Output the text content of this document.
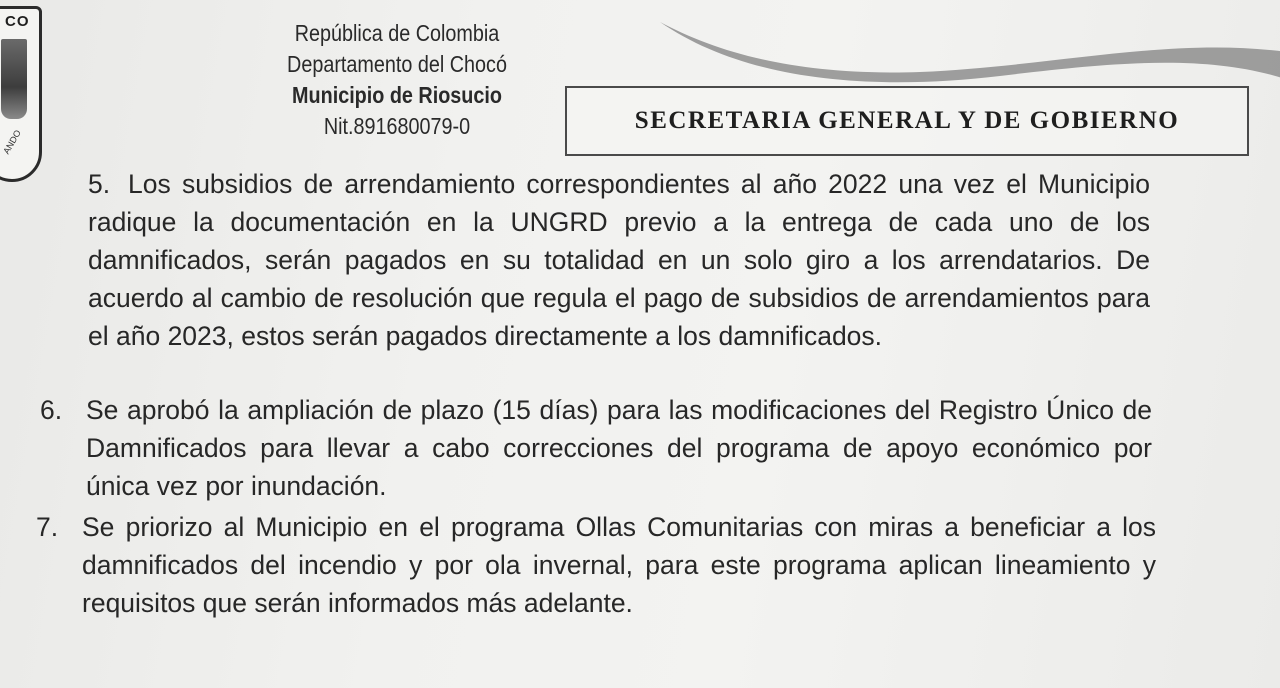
CO
ANDO
República de Colombia
Departamento del Chocó
Municipio de Riosucio
Nit.891680079-0	SECRETARIA GENERAL Y DE GOBIERNO
Los subsidios de arrendamiento correspondientes al año 2022 una vez el Municipio radique la documentación en la UNGRD previo a la entrega de cada uno de los damnificados, serán pagados en su totalidad en un solo giro a los arrendatarios. De acuerdo al cambio de resolución que regula el pago de subsidios de arrendamientos para el año 2023, estos serán pagados directamente a los damnificados.
5.
6. Se aprobó la ampliación de plazo (15 días) para las modificaciones del Registro Único de Damnificados para llevar a cabo correcciones del programa de apoyo económico por única vez por inundación.
7. Se priorizo al Municipio en el programa Ollas Comunitarias con miras a beneficiar a los damnificados del incendio y por ola invernal, para este programa aplican lineamiento y requisitos que serán informados más adelante.
